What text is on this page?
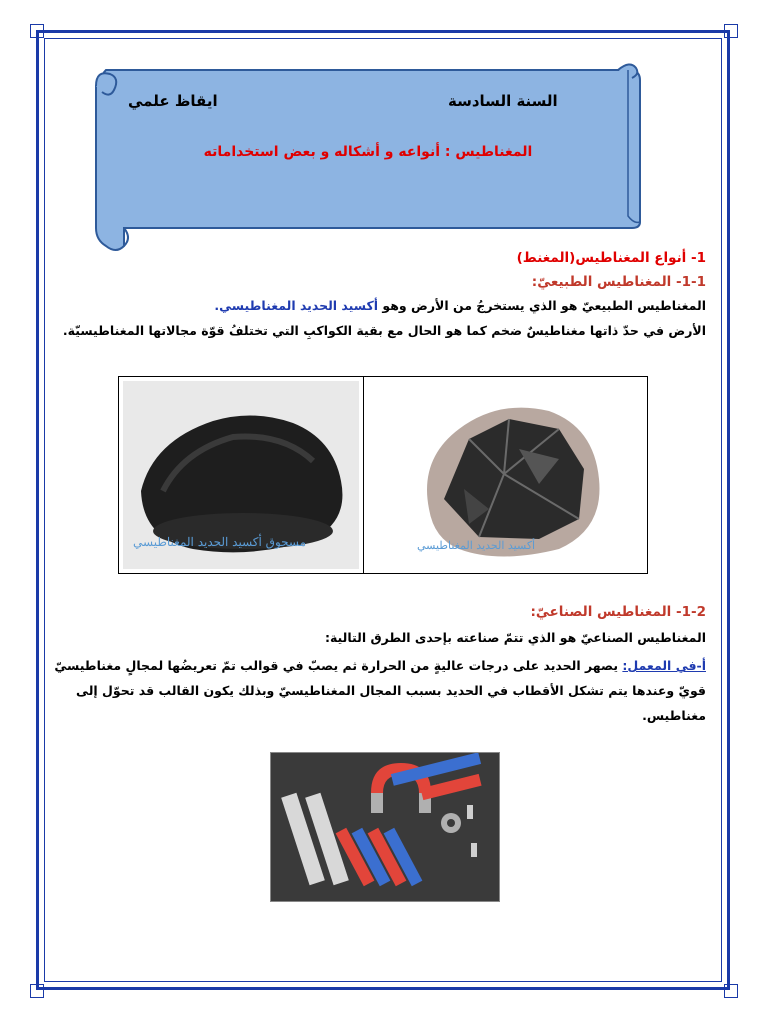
السنة السادسة
ايقاظ علمي
المغناطيس : أنواعه و أشكاله و بعض استخداماته
1- أنواع المغناطيس(المغنط)
1-1- المغناطيس الطبيعيّ:
المغناطيس الطبيعيّ هو الذي يستخرجُ من الأرض وهو أكسيد الحديد المغناطيسي.
الأرض في حدّ ذاتها مغناطيسٌ ضخم كما هو الحال مع بقية الكواكبِ التي تختلفُ قوّة مجالاتها المغناطيسيّة.
مسحوق أكسيد الحديد المغناطيسي	أكسيد الحديد المغناطيسي
1-2- المغناطيس الصناعيّ:
المغناطيس الصناعيّ هو الذي تتمّ صناعته بإحدى الطرق التالية:
أ-في المعمل: يصهر الحديد على درجات عاليةٍ من الحرارة ثم يصبّ في قوالب تمّ تعريضُها لمجالٍ مغناطيسيّ قويّ وعندها يتم تشكل الأقطاب في الحديد بسبب المجال المغناطيسيّ وبذلك يكون القالب قد تحوّل إلى مغناطيس.
